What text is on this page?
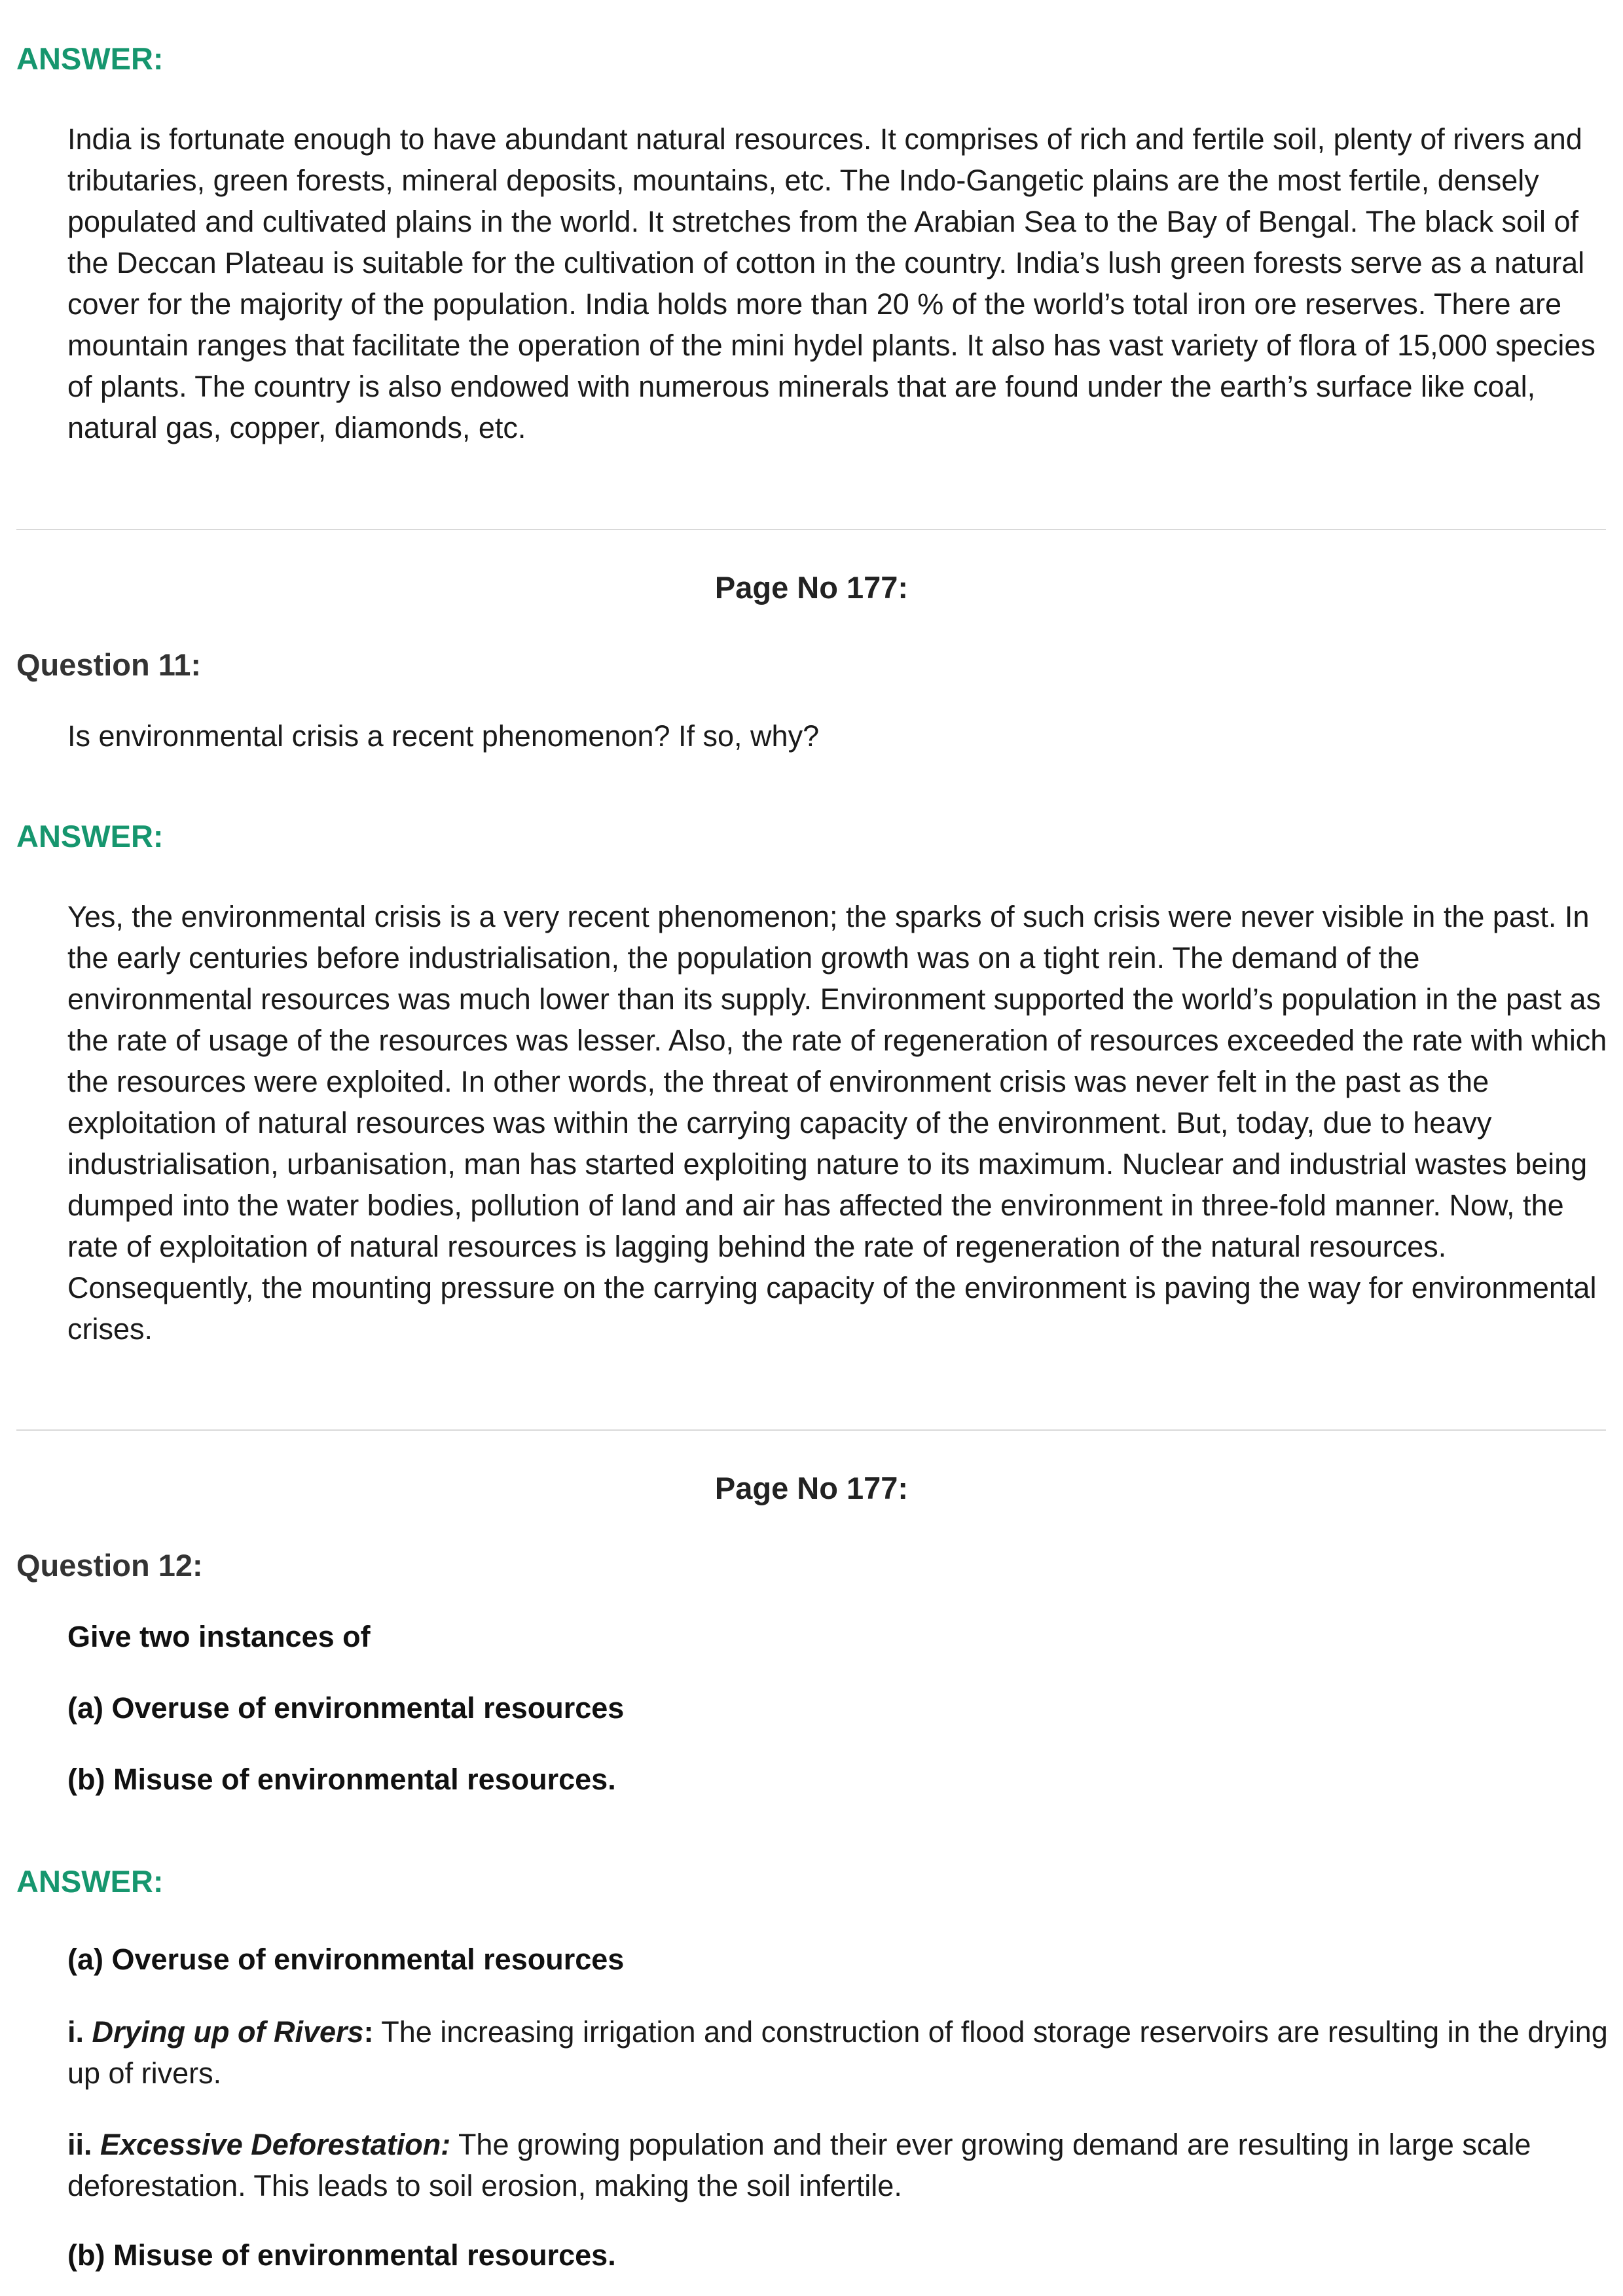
ANSWER:
India is fortunate enough to have abundant natural resources. It comprises of rich and fertile soil, plenty of rivers and tributaries, green forests, mineral deposits, mountains, etc. The Indo-Gangetic plains are the most fertile, densely populated and cultivated plains in the world. It stretches from the Arabian Sea to the Bay of Bengal. The black soil of the Deccan Plateau is suitable for the cultivation of cotton in the country. India’s lush green forests serve as a natural cover for the majority of the population. India holds more than 20 % of the world’s total iron ore reserves. There are mountain ranges that facilitate the operation of the mini hydel plants. It also has vast variety of flora of 15,000 species of plants. The country is also endowed with numerous minerals that are found under the earth’s surface like coal, natural gas, copper, diamonds, etc.
Page No 177:
Question 11:
Is environmental crisis a recent phenomenon? If so, why?
ANSWER:
Yes, the environmental crisis is a very recent phenomenon; the sparks of such crisis were never visible in the past. In the early centuries before industrialisation, the population growth was on a tight rein. The demand of the environmental resources was much lower than its supply. Environment supported the world’s population in the past as the rate of usage of the resources was lesser. Also, the rate of regeneration of resources exceeded the rate with which the resources were exploited. In other words, the threat of environment crisis was never felt in the past as the exploitation of natural resources was within the carrying capacity of the environment. But, today, due to heavy industrialisation, urbanisation, man has started exploiting nature to its maximum. Nuclear and industrial wastes being dumped into the water bodies, pollution of land and air has affected the environment in three-fold manner. Now, the rate of exploitation of natural resources is lagging behind the rate of regeneration of the natural resources. Consequently, the mounting pressure on the carrying capacity of the environment is paving the way for environmental crises.
Page No 177:
Question 12:
Give two instances of
(a) Overuse of environmental resources
(b) Misuse of environmental resources.
ANSWER:
(a) Overuse of environmental resources
i. Drying up of Rivers: The increasing irrigation and construction of flood storage reservoirs are resulting in the drying up of rivers.
ii. Excessive Deforestation: The growing population and their ever growing demand are resulting in large scale deforestation. This leads to soil erosion, making the soil infertile.
(b) Misuse of environmental resources.
